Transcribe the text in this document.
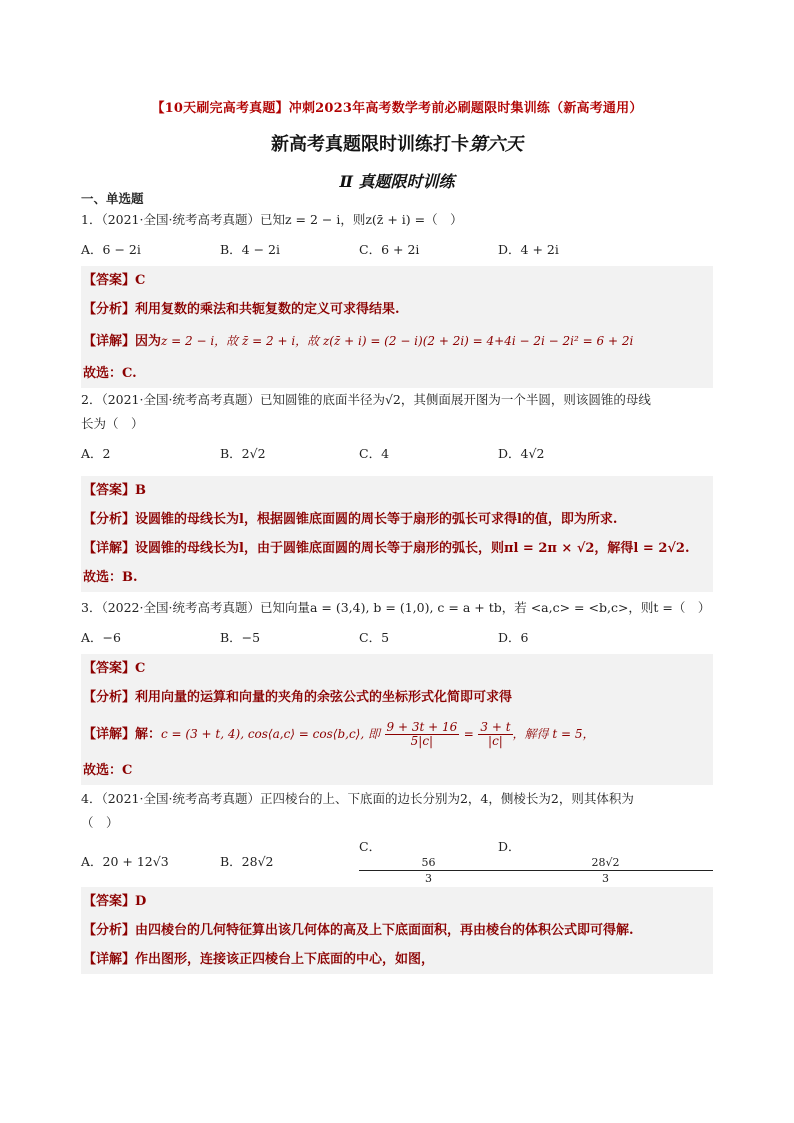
【10天刷完高考真题】冲刺2023年高考数学考前必刷题限时集训练（新高考通用）
新高考真题限时训练打卡第六天
Ⅱ 真题限时训练
一、单选题
1．（2021·全国·统考高考真题）已知z = 2 − i，则z(z̄ + i) =（　）
A．6 − 2i	B．4 − 2i	C．6 + 2i	D．4 + 2i
【答案】C
【分析】利用复数的乘法和共轭复数的定义可求得结果.
【详解】因为z = 2 − i，故 z̄ = 2 + i，故 z(z̄ + i) = (2 − i)(2 + 2i) = 4+4i − 2i − 2i² = 6 + 2i
故选：C.
2．（2021·全国·统考高考真题）已知圆锥的底面半径为√2，其侧面展开图为一个半圆，则该圆锥的母线
长为（　）
A．2	B．2√2	C．4	D．4√2
【答案】B
【分析】设圆锥的母线长为l，根据圆锥底面圆的周长等于扇形的弧长可求得l的值，即为所求.
【详解】设圆锥的母线长为l，由于圆锥底面圆的周长等于扇形的弧长，则πl = 2π × √2，解得l = 2√2.
故选：B.
3．（2022·全国·统考高考真题）已知向量a = (3,4), b = (1,0), c = a + tb，若 <a,c> = <b,c>，则t =（　）
A．−6	B．−5	C．5	D．6
【答案】C
【分析】利用向量的运算和向量的夹角的余弦公式的坐标形式化简即可求得
【详解】解：c = (3 + t, 4), cos⟨a,c⟩ = cos⟨b,c⟩, 即 $\frac{9 + 3t + 16}{5|c|} = \frac{3 + t}{|c|}$ ，解得 t = 5，
故选：C
4．（2021·全国·统考高考真题）正四棱台的上、下底面的边长分别为2，4，侧棱长为2，则其体积为
（　）
A．20 + 12√3	B．28√2
C．
56
3
D．
28√2
3
【答案】D
【分析】由四棱台的几何特征算出该几何体的高及上下底面面积，再由棱台的体积公式即可得解.
【详解】作出图形，连接该正四棱台上下底面的中心，如图，
